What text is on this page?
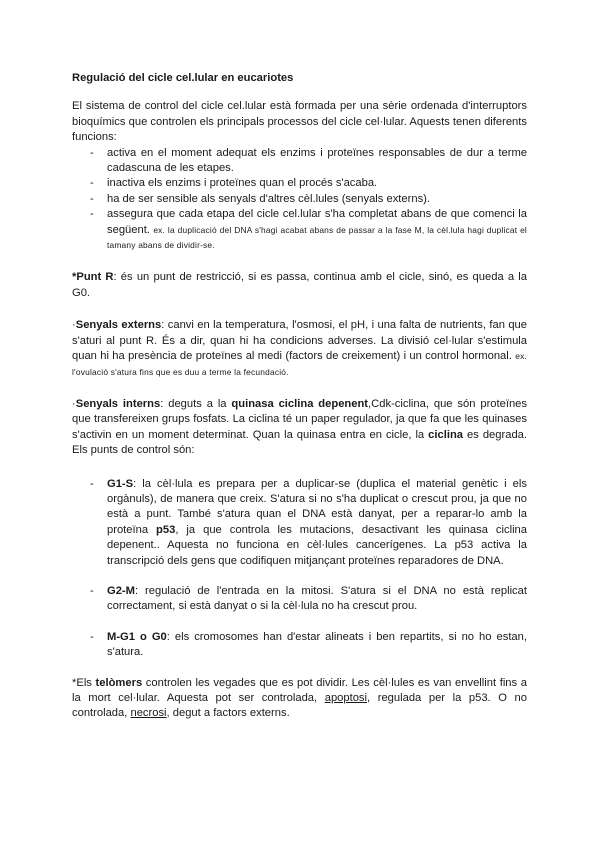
Regulació del cicle cel.lular en eucariotes

El sistema de control del cicle cel.lular està formada per una sèrie ordenada d'interruptors bioquímics que controlen els principals processos del cicle cel·lular. Aquests tenen diferents funcions:

- activa en el moment adequat els enzims i proteïnes responsables de dur a terme cadascuna de les etapes.
- inactiva els enzims i proteïnes quan el procés s'acaba.
- ha de ser sensible als senyals d'altres cèl.lules (senyals externs).
- assegura que cada etapa del cicle cel.lular s'ha completat abans de que comenci la següent. ex. la duplicació del DNA s'hagi acabat abans de passar a la fase M, la cèl.lula hagi duplicat el tamany abans de dividir-se.

*Punt R: és un punt de restricció, si es passa, continua amb el cicle, sinó, es queda a la G0.

·Senyals externs: canvi en la temperatura, l'osmosi, el pH, i una falta de nutrients, fan que s'aturi al punt R. És a dir, quan hi ha condicions adverses. La divisió cel·lular s'estimula quan hi ha presència de proteïnes al medi (factors de creixement) i un control hormonal. ex. l'ovulació s'atura fins que es duu a terme la fecundació.

·Senyals interns: deguts a la quinasa ciclina depenent,Cdk-ciclina, que són proteïnes que transfereixen grups fosfats. La ciclina té un paper regulador, ja que fa que les quinases s'activin en un moment determinat. Quan la quinasa entra en cicle, la ciclina es degrada. Els punts de control són:

- G1-S: la cèl·lula es prepara per a duplicar-se (duplica el material genètic i els orgànuls), de manera que creix. S'atura si no s'ha duplicat o crescut prou, ja que no està a punt. També s'atura quan el DNA està danyat, per a reparar-lo amb la proteïna p53, ja que controla les mutacions, desactivant les quinasa ciclina depenent.. Aquesta no funciona en cèl·lules cancerígenes. La p53 activa la transcripció dels gens que codifiquen mitjançant proteïnes reparadores de DNA.
- G2-M: regulació de l'entrada en la mitosi. S'atura si el DNA no està replicat correctament, si està danyat o si la cèl·lula no ha crescut prou.
- M-G1 o G0: els cromosomes han d'estar alineats i ben repartits, si no ho estan, s'atura.

*Els telòmers controlen les vegades que es pot dividir. Les cèl·lules es van envellint fins a la mort cel·lular. Aquesta pot ser controlada, apoptosi, regulada per la p53. O no controlada, necrosi, degut a factors externs.
